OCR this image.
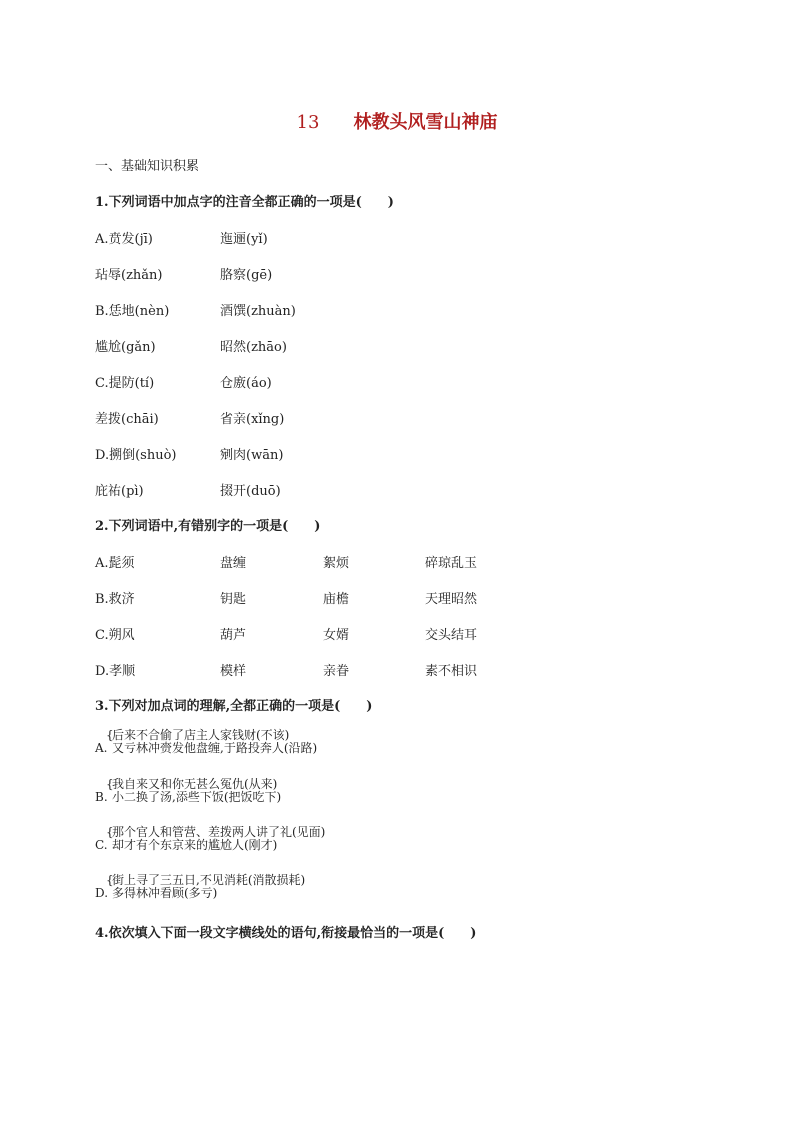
13 林教头风雪山神庙
一、基础知识积累
1.下列词语中加点字的注音全都正确的一项是(　　)
A.贲发(jī)	迤逦(yǐ)
玷辱(zhǎn)	胳察(gē)
B.恁地(nèn)	酒馔(zhuàn)
尴尬(gǎn)	昭然(zhāo)
C.提防(tí)	仓廒(áo)
差拨(chāi)	省亲(xǐng)
D.搠倒(shuò)	剜肉(wān)
庇祐(pì)	掇开(duō)
2.下列词语中,有错别字的一项是(　　)
A.髭须	盘缠	絮烦	碎琼乱玉
B.救济	钥匙	庙檐	天理昭然
C.朔风	葫芦	女婿	交头结耳
D.孝顺	模样	亲眷	素不相识
3.下列对加点词的理解,全都正确的一项是(　　)
{
后来不合偷了店主人家钱财(不该)
A. 又亏林冲赍发他盘缠,于路投奔人(沿路)
{
我自来又和你无甚么冤仇(从来)
B. 小二换了汤,添些下饭(把饭吃下)
{
那个官人和管营、差拨两人讲了礼(见面)
C. 却才有个东京来的尴尬人(刚才)
{
街上寻了三五日,不见消耗(消散损耗)
D. 多得林冲看顾(多亏)
4.依次填入下面一段文字横线处的语句,衔接最恰当的一项是(　　)
